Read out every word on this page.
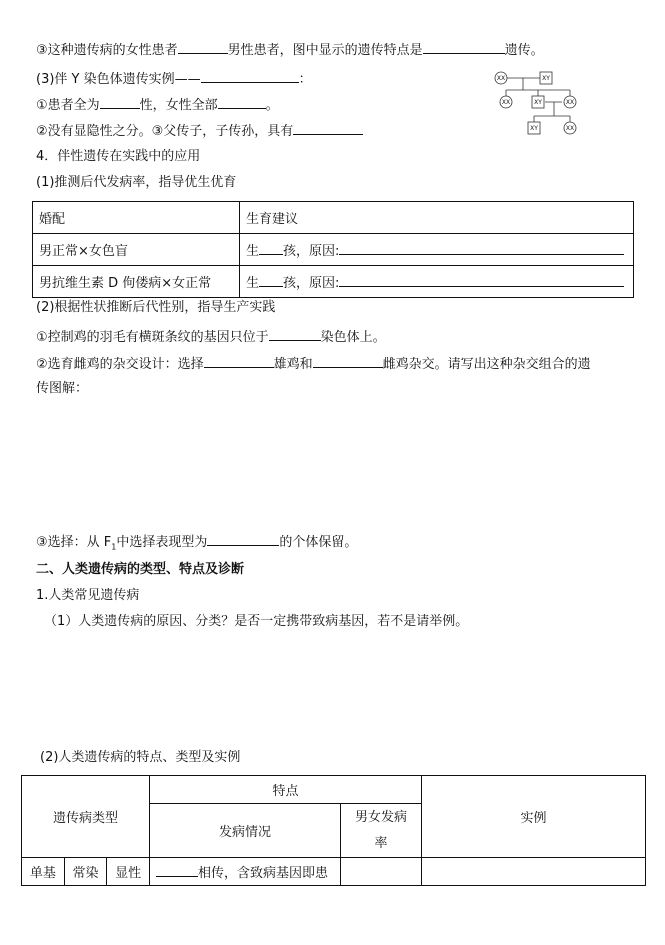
③这种遗传病的女性患者	男性患者，图中显示的遗传特点是	遗传。
(3)伴 Y 染色体遗传实例——	：
①患者全为	性，女性全部	。
②没有显隐性之分。③父传子，子传孙，具有
XX	XY
XX	XY	XX
XY	XX
4．伴性遗传在实践中的应用
(1)推测后代发病率，指导优生优育
婚配	生育建议
男正常×女色盲	生 孩，原因:
男抗维生素 D 佝偻病×女正常	生 孩，原因:
(2)根据性状推断后代性别，指导生产实践
①控制鸡的羽毛有横斑条纹的基因只位于	染色体上。
②选育雌鸡的杂交设计：选择	雄鸡和	雌鸡杂交。请写出这种杂交组合的遗
传图解：
③选择：从 $F_1$中选择表现型为	的个体保留。
二、人类遗传病的类型、特点及诊断
1.人类常见遗传病
（1）人类遗传病的原因、分类？是否一定携带致病基因，若不是请举例。
(2)人类遗传病的特点、类型及实例
遗传病类型			特点		实例
			发病情况	男女发病
率	

单基	常染	显性	相传，含致病基因即患		
